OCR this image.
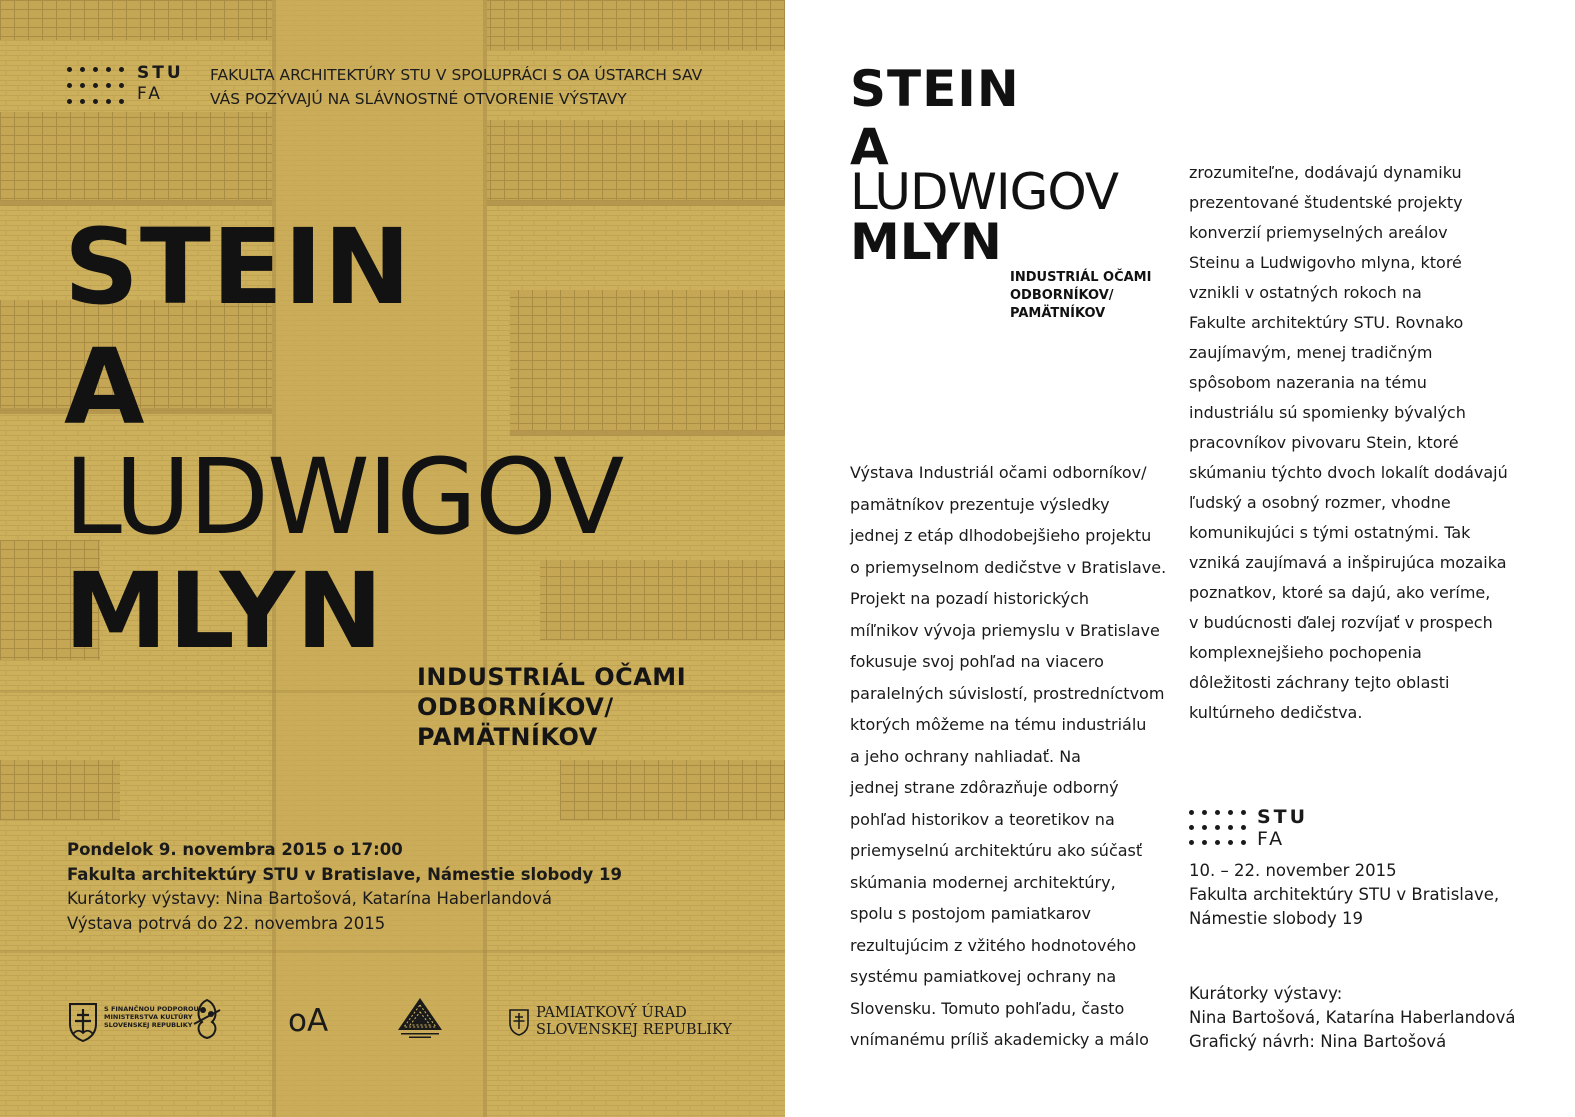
STU
FA
FAKULTA ARCHITEKTÚRY STU V SPOLUPRÁCI S OA ÚSTARCH SAV
VÁS POZÝVAJÚ NA SLÁVNOSTNÉ OTVORENIE VÝSTAVY
STEIN
A
LUDWIGOV
MLYN
INDUSTRIÁL OČAMI
ODBORNÍKOV/
PAMÄTNÍKOV
Pondelok 9. novembra 2015 o 17:00
Fakulta architektúry STU v Bratislave, Námestie slobody 19
Kurátorky výstavy: Nina Bartošová, Katarína Haberlandová
Výstava potrvá do 22. novembra 2015
S FINANČNOU PODPOROU
MINISTERSTVA KULTÚRY
SLOVENSKEJ REPUBLIKY	oA	PAMIATKOVÝ ÚRAD
SLOVENSKEJ REPUBLIKY
STEIN
A
LUDWIGOV
MLYN
INDUSTRIÁL OČAMI
ODBORNÍKOV/
PAMÄTNÍKOV
Výstava Industriál očami odborníkov/
pamätníkov prezentuje výsledky
jednej z etáp dlhodobejšieho projektu
o priemyselnom dedičstve v Bratislave.
Projekt na pozadí historických
míľnikov vývoja priemyslu v Bratislave
fokusuje svoj pohľad na viacero
paralelných súvislostí, prostredníctvom
ktorých môžeme na tému industriálu
a jeho ochrany nahliadať. Na
jednej strane zdôrazňuje odborný
pohľad historikov a teoretikov na
priemyselnú architektúru ako súčasť
skúmania modernej architektúry,
spolu s postojom pamiatkarov
rezultujúcim z vžitého hodnotového
systému pamiatkovej ochrany na
Slovensku. Tomuto pohľadu, často
vnímanému príliš akademicky a málo
zrozumiteľne, dodávajú dynamiku
prezentované študentské projekty
konverzií priemyselných areálov
Steinu a Ludwigovho mlyna, ktoré
vznikli v ostatných rokoch na
Fakulte architektúry STU. Rovnako
zaujímavým, menej tradičným
spôsobom nazerania na tému
industriálu sú spomienky bývalých
pracovníkov pivovaru Stein, ktoré
skúmaniu týchto dvoch lokalít dodávajú
ľudský a osobný rozmer, vhodne
komunikujúci s tými ostatnými. Tak
vzniká zaujímavá a inšpirujúca mozaika
poznatkov, ktoré sa dajú, ako veríme,
v budúcnosti ďalej rozvíjať v prospech
komplexnejšieho pochopenia
dôležitosti záchrany tejto oblasti
kultúrneho dedičstva.
STU
FA
10. – 22. november 2015
Fakulta architektúry STU v Bratislave,
Námestie slobody 19
Kurátorky výstavy:
Nina Bartošová, Katarína Haberlandová
Grafický návrh: Nina Bartošová
